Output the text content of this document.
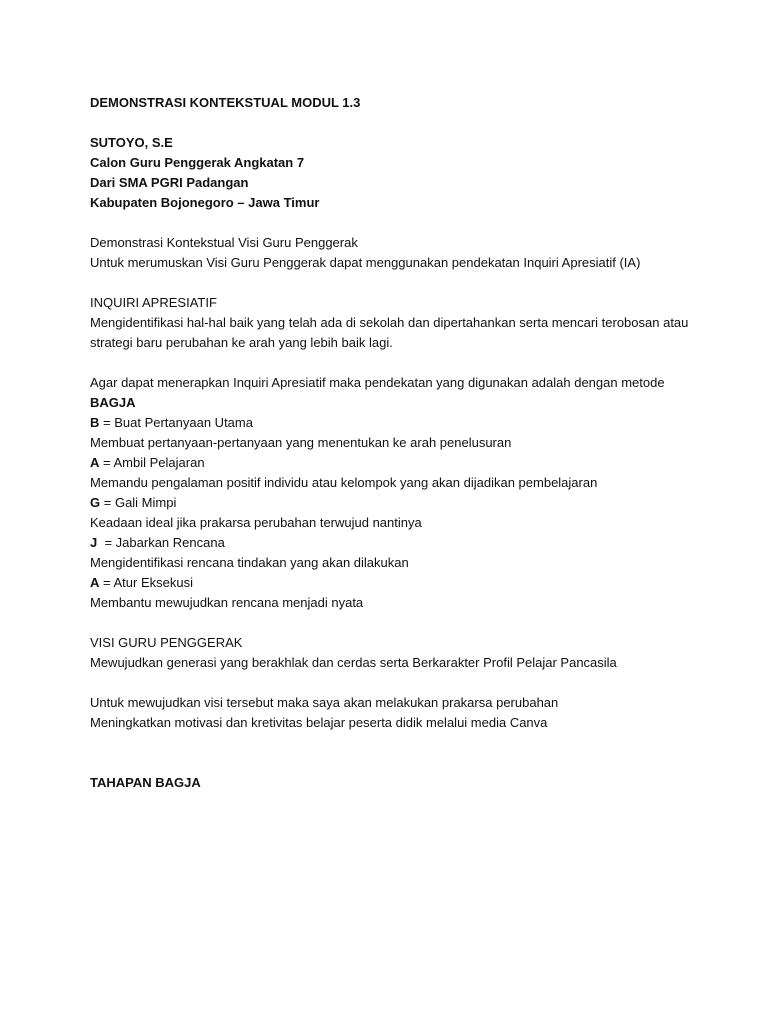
DEMONSTRASI KONTEKSTUAL MODUL 1.3
SUTOYO, S.E
Calon Guru Penggerak Angkatan 7
Dari SMA PGRI Padangan
Kabupaten Bojonegoro – Jawa Timur
Demonstrasi Kontekstual Visi Guru Penggerak
Untuk merumuskan Visi Guru Penggerak dapat menggunakan pendekatan Inquiri Apresiatif (IA)
INQUIRI APRESIATIF
Mengidentifikasi hal-hal baik yang telah ada di sekolah dan dipertahankan serta mencari terobosan atau
strategi baru perubahan ke arah yang lebih baik lagi.
Agar dapat menerapkan Inquiri Apresiatif maka pendekatan yang digunakan adalah dengan metode
BAGJA
B = Buat Pertanyaan Utama
Membuat pertanyaan-pertanyaan yang menentukan ke arah penelusuran
A = Ambil Pelajaran
Memandu pengalaman positif individu atau kelompok yang akan dijadikan pembelajaran
G = Gali Mimpi
Keadaan ideal jika prakarsa perubahan terwujud nantinya
J  = Jabarkan Rencana
Mengidentifikasi rencana tindakan yang akan dilakukan
A = Atur Eksekusi
Membantu mewujudkan rencana menjadi nyata
VISI GURU PENGGERAK
Mewujudkan generasi yang berakhlak dan cerdas serta Berkarakter Profil Pelajar Pancasila
Untuk mewujudkan visi tersebut maka saya akan melakukan prakarsa perubahan
Meningkatkan motivasi dan kretivitas belajar peserta didik melalui media Canva
TAHAPAN BAGJA
